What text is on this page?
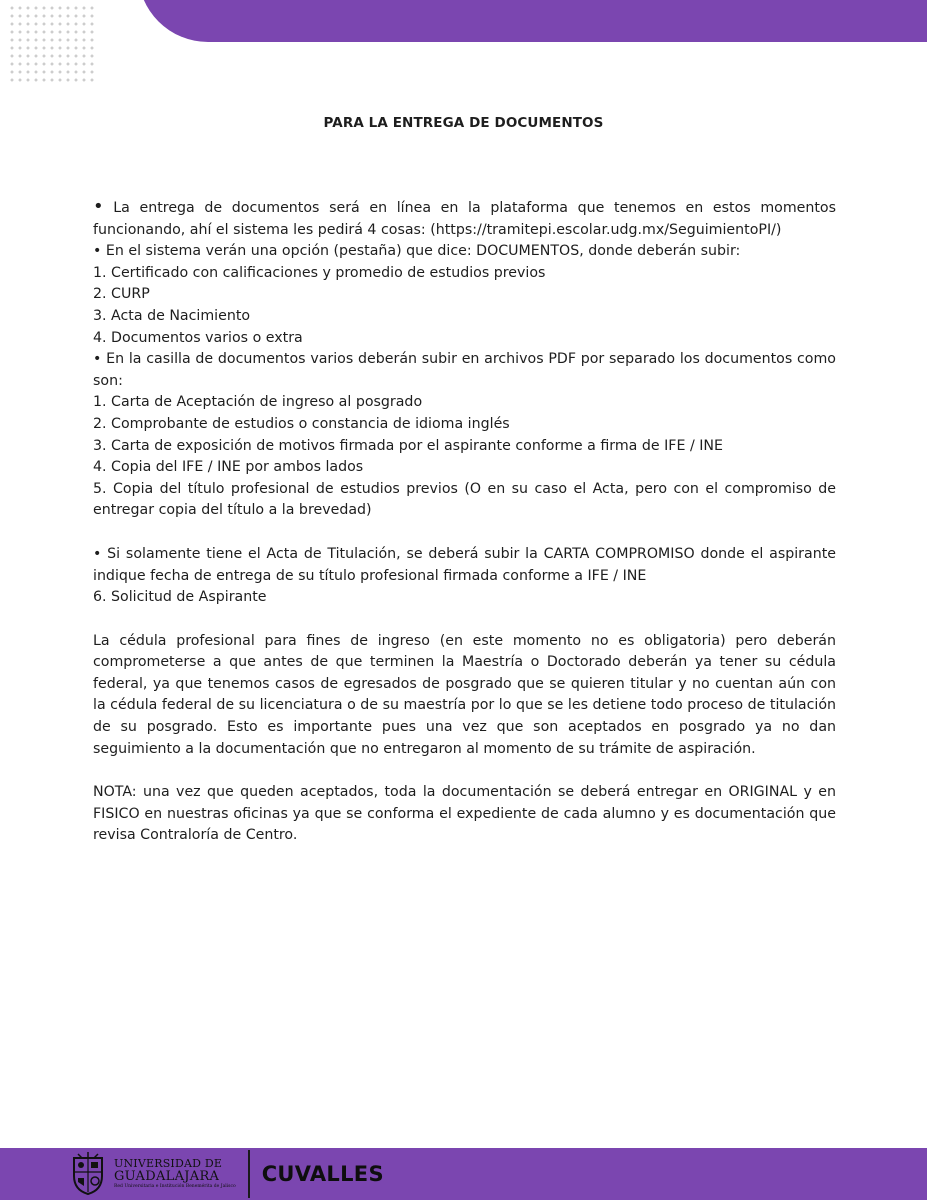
PARA LA ENTREGA DE DOCUMENTOS

• La entrega de documentos será en línea en la plataforma que tenemos en estos momentos funcionando, ahí el sistema les pedirá 4 cosas: (https://tramitepi.escolar.udg.mx/SeguimientoPI/)

• En el sistema verán una opción (pestaña) que dice: DOCUMENTOS, donde deberán subir:

1. Certificado con calificaciones y promedio de estudios previos

2. CURP

3. Acta de Nacimiento

4. Documentos varios o extra

• En la casilla de documentos varios deberán subir en archivos PDF por separado los documentos como son:

1. Carta de Aceptación de ingreso al posgrado

2. Comprobante de estudios o constancia de idioma inglés

3. Carta de exposición de motivos firmada por el aspirante conforme a firma de IFE / INE

4. Copia del IFE / INE por ambos lados

5. Copia del título profesional de estudios previos (O en su caso el Acta, pero con el compromiso de entregar copia del título a la brevedad)

• Si solamente tiene el Acta de Titulación, se deberá subir la CARTA COMPROMISO donde el aspirante indique fecha de entrega de su título profesional firmada conforme a IFE / INE

6. Solicitud de Aspirante

La cédula profesional para fines de ingreso (en este momento no es obligatoria) pero deberán comprometerse a que antes de que terminen la Maestría o Doctorado deberán ya tener su cédula federal, ya que tenemos casos de egresados de posgrado que se quieren titular y no cuentan aún con la cédula federal de su licenciatura o de su maestría por lo que se les detiene todo proceso de titulación de su posgrado. Esto es importante pues una vez que son aceptados en posgrado ya no dan seguimiento a la documentación que no entregaron al momento de su trámite de aspiración.

NOTA: una vez que queden aceptados, toda la documentación se deberá entregar en ORIGINAL y en FISICO en nuestras oficinas ya que se conforma el expediente de cada alumno y es documentación que revisa Contraloría de Centro.

UNIVERSIDAD DE
GUADALAJARA
Red Universitaria e Institución Benemérita de Jalisco
CUVALLES
